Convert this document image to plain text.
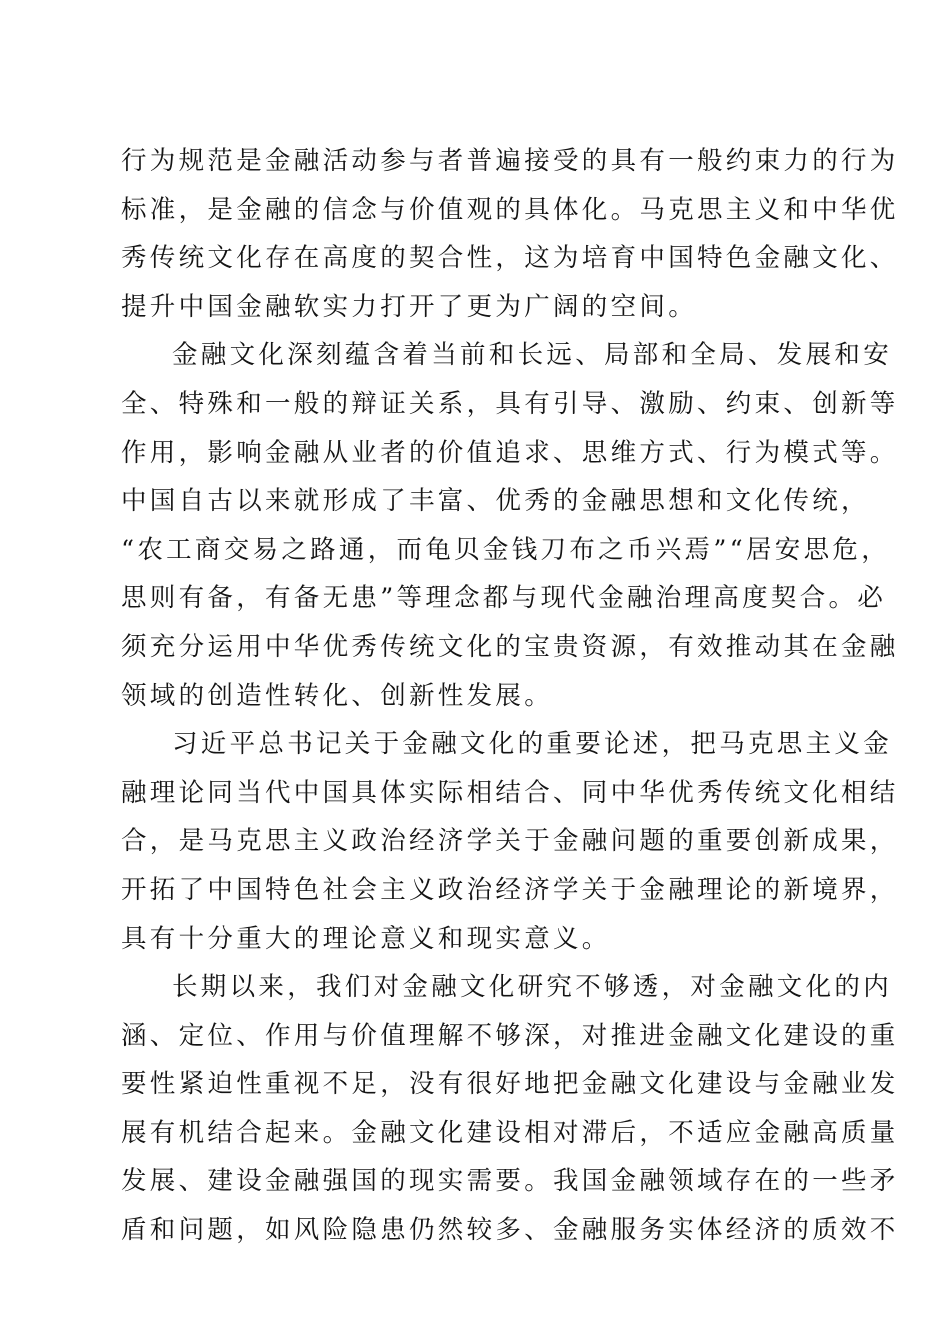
行为规范是金融活动参与者普遍接受的具有一般约束力的行为
标准，是金融的信念与价值观的具体化。马克思主义和中华优
秀传统文化存在高度的契合性，这为培育中国特色金融文化、
提升中国金融软实力打开了更为广阔的空间。
金融文化深刻蕴含着当前和长远、局部和全局、发展和安
全、特殊和一般的辩证关系，具有引导、激励、约束、创新等
作用，影响金融从业者的价值追求、思维方式、行为模式等。
中国自古以来就形成了丰富、优秀的金融思想和文化传统，
“农工商交易之路通，而龟贝金钱刀布之币兴焉”“居安思危，
思则有备，有备无患”等理念都与现代金融治理高度契合。必
须充分运用中华优秀传统文化的宝贵资源，有效推动其在金融
领域的创造性转化、创新性发展。
习近平总书记关于金融文化的重要论述，把马克思主义金
融理论同当代中国具体实际相结合、同中华优秀传统文化相结
合，是马克思主义政治经济学关于金融问题的重要创新成果，
开拓了中国特色社会主义政治经济学关于金融理论的新境界，
具有十分重大的理论意义和现实意义。
长期以来，我们对金融文化研究不够透，对金融文化的内
涵、定位、作用与价值理解不够深，对推进金融文化建设的重
要性紧迫性重视不足，没有很好地把金融文化建设与金融业发
展有机结合起来。金融文化建设相对滞后，不适应金融高质量
发展、建设金融强国的现实需要。我国金融领域存在的一些矛
盾和问题，如风险隐患仍然较多、金融服务实体经济的质效不
